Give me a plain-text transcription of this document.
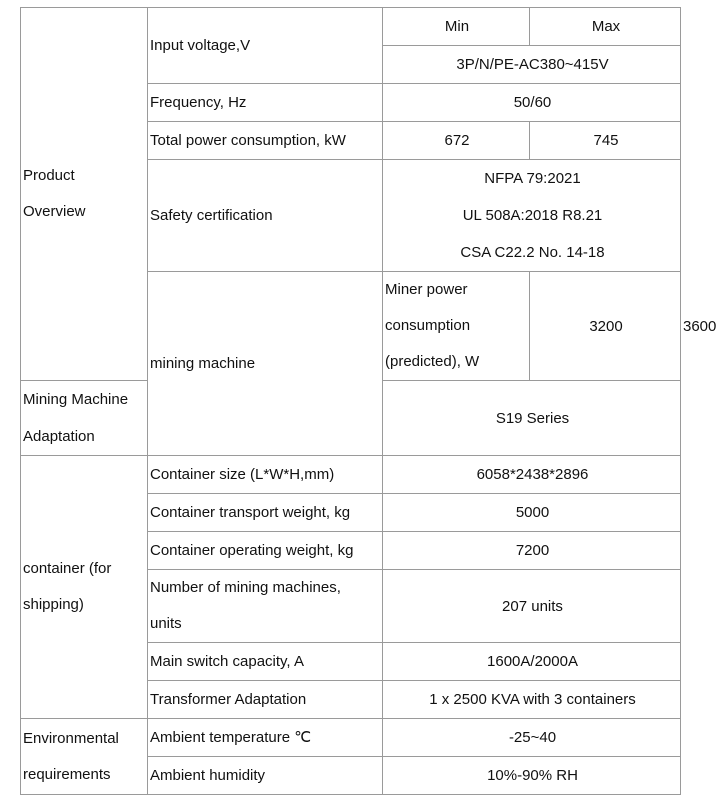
Product
Overview	Input voltage,V	Min	Max	
		3P/N/PE-AC380~415V		
	Frequency, Hz	50/60		
	Total power consumption, kW	672	745	
	Safety certification	NFPA 79:2021
UL 508A:2018 R8.21
CSA C22.2 No. 14-18		

	mining machine	Miner power consumption
(predicted), W	3200	3600
Mining Machine Adaptation		S19 Series		

container (for
shipping)	Container size (L*W*H,mm)	6058*2438*2896		
	Container transport weight, kg	5000		
	Container operating weight, kg	7200		

	Number of mining machines,
units	207 units		
	Main switch capacity, A	1600A/2000A		
	Transformer Adaptation	1 x 2500 KVA with 3 containers		

Environmental
requirements	Ambient temperature ℃	-25~40		
	Ambient humidity	10%-90% RH		
